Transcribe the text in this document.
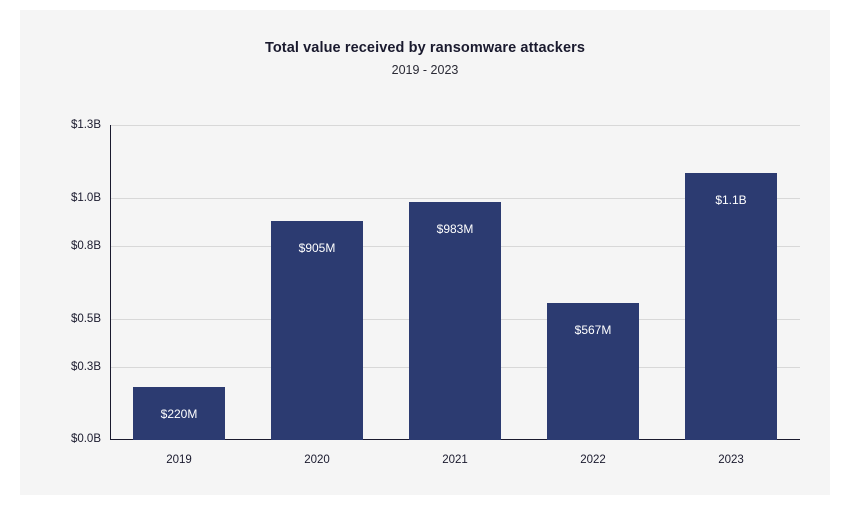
Total value received by ransomware attackers
2019 - 2023
$1.3B
$1.0B
$0.8B
$0.5B
$0.3B
$0.0B
$220M
2019
$905M
2020
$983M
2021
$567M
2022
$1.1B
2023
